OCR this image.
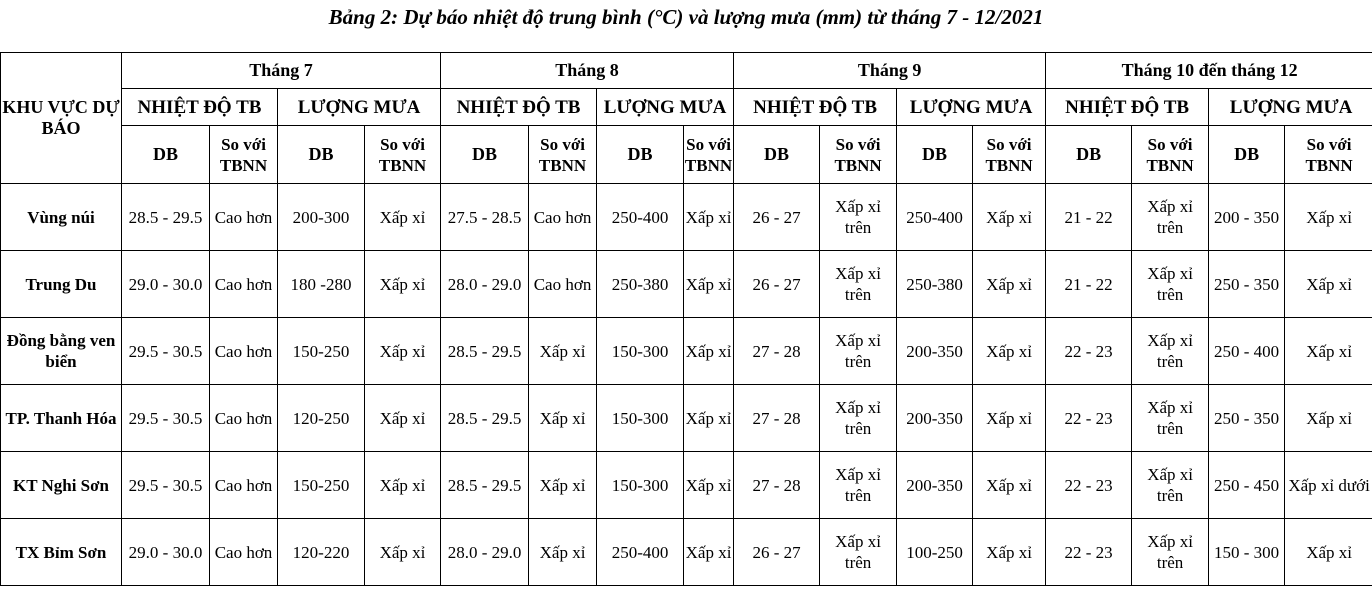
Bảng 2: Dự báo nhiệt độ trung bình (°C) và lượng mưa (mm) từ tháng 7 - 12/2021
KHU VỰC DỰ BÁO	Tháng 7				Tháng 8				Tháng 9				Tháng 10 đến tháng 12			
	NHIỆT ĐỘ TB		LƯỢNG MƯA		NHIỆT ĐỘ TB		LƯỢNG MƯA		NHIỆT ĐỘ TB		LƯỢNG MƯA		NHIỆT ĐỘ TB		LƯỢNG MƯA	
	DB	So với TBNN	DB	So với TBNN	DB	So với TBNN	DB	So với TBNN	DB	So với TBNN	DB	So với TBNN	DB	So với TBNN	DB	So với TBNN
Vùng núi	28.5 - 29.5	Cao hơn	200-300	Xấp xỉ	27.5 - 28.5	Cao hơn	250-400	Xấp xỉ	26 - 27	Xấp xỉ trên	250-400	Xấp xỉ	21 - 22	Xấp xỉ trên	200 - 350	Xấp xỉ
Trung Du	29.0 - 30.0	Cao hơn	180 -280	Xấp xỉ	28.0 - 29.0	Cao hơn	250-380	Xấp xỉ	26 - 27	Xấp xỉ trên	250-380	Xấp xỉ	21 - 22	Xấp xỉ trên	250 - 350	Xấp xỉ
Đồng bằng ven biển	29.5 - 30.5	Cao hơn	150-250	Xấp xỉ	28.5 - 29.5	Xấp xỉ	150-300	Xấp xỉ	27 - 28	Xấp xỉ trên	200-350	Xấp xỉ	22 - 23	Xấp xỉ trên	250 - 400	Xấp xỉ
TP. Thanh Hóa	29.5 - 30.5	Cao hơn	120-250	Xấp xỉ	28.5 - 29.5	Xấp xỉ	150-300	Xấp xỉ	27 - 28	Xấp xỉ trên	200-350	Xấp xỉ	22 - 23	Xấp xỉ trên	250 - 350	Xấp xỉ
KT Nghi Sơn	29.5 - 30.5	Cao hơn	150-250	Xấp xỉ	28.5 - 29.5	Xấp xỉ	150-300	Xấp xỉ	27 - 28	Xấp xỉ trên	200-350	Xấp xỉ	22 - 23	Xấp xỉ trên	250 - 450	Xấp xỉ dưới
TX Bỉm Sơn	29.0 - 30.0	Cao hơn	120-220	Xấp xỉ	28.0 - 29.0	Xấp xỉ	250-400	Xấp xỉ	26 - 27	Xấp xỉ trên	100-250	Xấp xỉ	22 - 23	Xấp xỉ trên	150 - 300	Xấp xỉ
